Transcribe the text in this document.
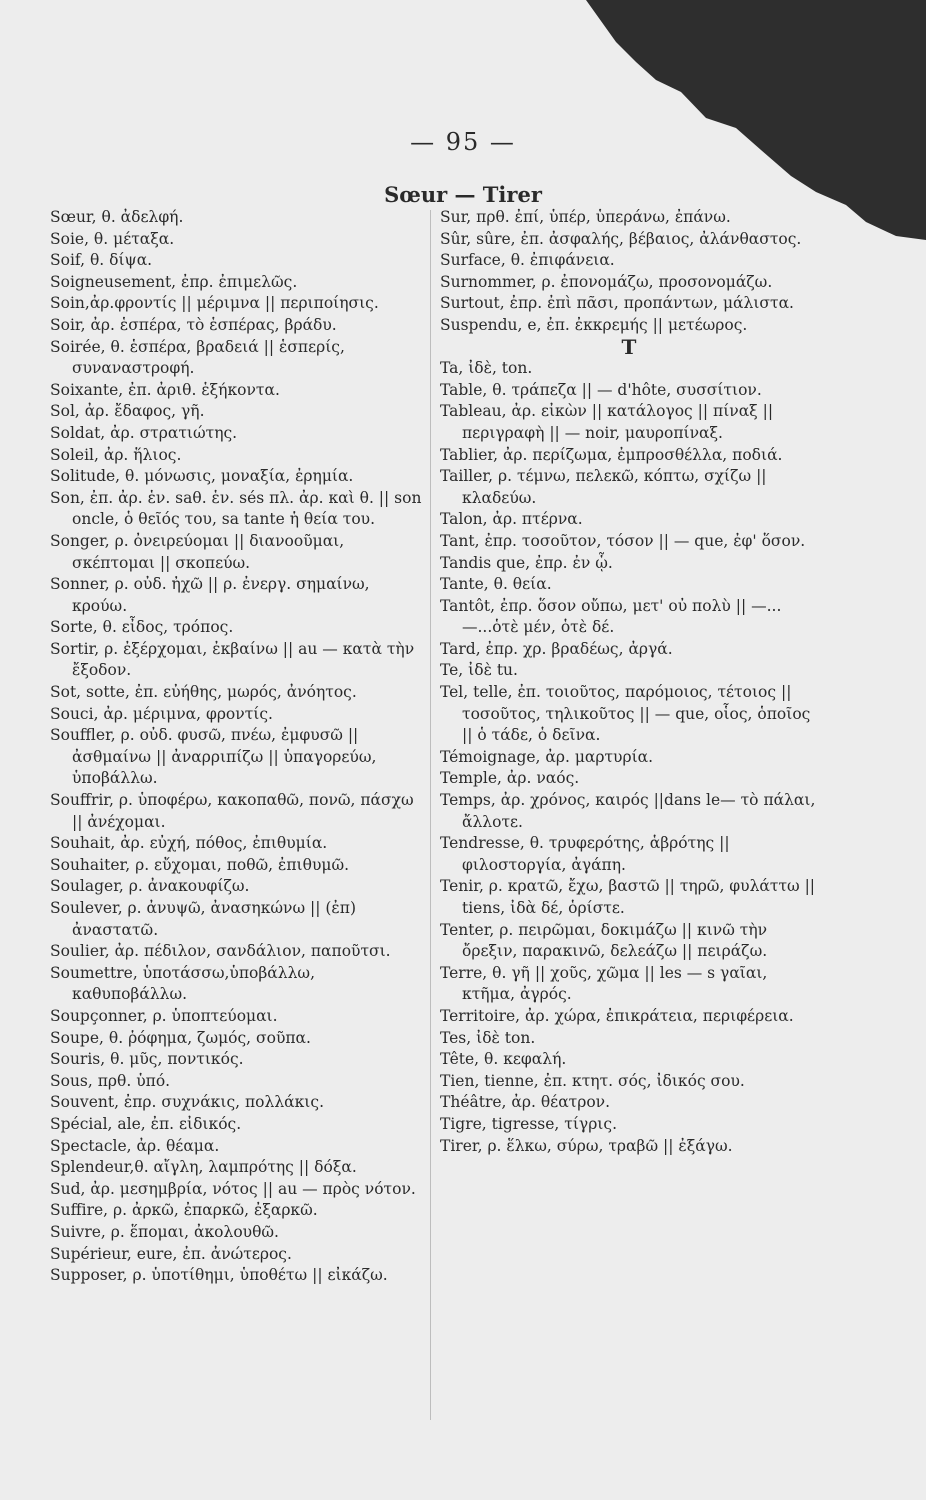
— 95 —
Sœur — Tirer
Sœur, θ. ἀδελφή.
Soie, θ. μέταξα.
Soif, θ. δίψα.
Soigneusement, ἐπρ. ἐπιμελῶς.
Soin,ἀρ.φροντίς || μέριμνα || περιποίησις.
Soir, ἀρ. ἑσπέρα, τὸ ἑσπέρας, βράδυ.
Soirée, θ. ἑσπέρα, βραδειά || ἑσπερίς, συναναστροφή.
Soixante, ἐπ. ἀριθ. ἑξήκοντα.
Sol, ἀρ. ἔδαφος, γῆ.
Soldat, ἀρ. στρατιώτης.
Soleil, ἀρ. ἥλιος.
Solitude, θ. μόνωσις, μοναξία, ἐρημία.
Son, ἐπ. ἀρ. ἑν. saθ. ἑν. sés πλ. ἀρ. καὶ θ. || son oncle, ὁ θεῖός του, sa tante ἡ θεία του.
Songer, ρ. ὀνειρεύομαι || διανοοῦμαι, σκέπτομαι || σκοπεύω.
Sonner, ρ. οὐδ. ἠχῶ || ρ. ἐνεργ. σημαίνω, κρούω.
Sorte, θ. εἶδος, τρόπος.
Sortir, ρ. ἐξέρχομαι, ἐκβαίνω || au — κατὰ τὴν ἔξοδον.
Sot, sotte, ἐπ. εὐήθης, μωρός, ἀνόητος.
Souci, ἀρ. μέριμνα, φροντίς.
Souffler, ρ. οὐδ. φυσῶ, πνέω, ἐμφυσῶ || ἀσθμαίνω || ἀναρριπίζω || ὑπαγορεύω, ὑποβάλλω.
Souffrir, ρ. ὑποφέρω, κακοπαθῶ, πονῶ, πάσχω || ἀνέχομαι.
Souhait, ἀρ. εὐχή, πόθος, ἐπιθυμία.
Souhaiter, ρ. εὔχομαι, ποθῶ, ἐπιθυμῶ.
Soulager, ρ. ἀνακουφίζω.
Soulever, ρ. ἀνυψῶ, ἀνασηκώνω || (ἐπ) ἀναστατῶ.
Soulier, ἀρ. πέδιλον, σανδάλιον, παποῦτσι.
Soumettre, ὑποτάσσω,ὑποβάλλω, καθυποβάλλω.
Soupçonner, ρ. ὑποπτεύομαι.
Soupe, θ. ῥόφημα, ζωμός, σοῦπα.
Souris, θ. μῦς, ποντικός.
Sous, πρθ. ὑπό.
Souvent, ἐπρ. συχνάκις, πολλάκις.
Spécial, ale, ἐπ. εἰδικός.
Spectacle, ἀρ. θέαμα.
Splendeur,θ. αἴγλη, λαμπρότης || δόξα.
Sud, ἀρ. μεσημβρία, νότος || au — πρὸς νότον.
Suffire, ρ. ἀρκῶ, ἐπαρκῶ, ἐξαρκῶ.
Suivre, ρ. ἕπομαι, ἀκολουθῶ.
Supérieur, eure, ἐπ. ἀνώτερος.
Supposer, ρ. ὑποτίθημι, ὑποθέτω || εἰκάζω.
Sur, πρθ. ἐπί, ὑπέρ, ὑπεράνω, ἐπάνω.
Sûr, sûre, ἐπ. ἀσφαλής, βέβαιος, ἀλάνθαστος.
Surface, θ. ἐπιφάνεια.
Surnommer, ρ. ἐπονομάζω, προσονομάζω.
Surtout, ἐπρ. ἐπὶ πᾶσι, προπάντων, μάλιστα.
Suspendu, e, ἐπ. ἐκκρεμής || μετέωρος.
T
Ta, ἰδὲ, ton.
Table, θ. τράπεζα || — d'hôte, συσσίτιον.
Tableau, ἀρ. εἰκὼν || κατάλογος || πίναξ || περιγραφὴ || — noir, μαυροπίναξ.
Tablier, ἀρ. περίζωμα, ἐμπροσθέλλα, ποδιά.
Tailler, ρ. τέμνω, πελεκῶ, κόπτω, σχίζω || κλαδεύω.
Talon, ἀρ. πτέρνα.
Tant, ἐπρ. τοσοῦτον, τόσον || — que, ἐφ' ὅσον.
Tandis que, ἐπρ. ἐν ᾧ.
Tante, θ. θεία.
Tantôt, ἐπρ. ὅσον οὔπω, μετ' οὐ πολὺ || —...—...ὁτὲ μέν, ὁτὲ δέ.
Tard, ἐπρ. χρ. βραδέως, ἀργά.
Te, ἰδὲ tu.
Tel, telle, ἐπ. τοιοῦτος, παρόμοιος, τέτοιος || τοσοῦτος, τηλικοῦτος || — que, οἷος, ὁποῖος || ὁ τάδε, ὁ δεῖνα.
Témoignage, ἀρ. μαρτυρία.
Temple, ἀρ. ναός.
Temps, ἀρ. χρόνος, καιρός ||dans le— τὸ πάλαι, ἄλλοτε.
Tendresse, θ. τρυφερότης, ἁβρότης || φιλοστοργία, ἀγάπη.
Tenir, ρ. κρατῶ, ἔχω, βαστῶ || τηρῶ, φυλάττω || tiens, ἰδὰ δέ, ὁρίστε.
Tenter, ρ. πειρῶμαι, δοκιμάζω || κινῶ τὴν ὄρεξιν, παρακινῶ, δελεάζω || πειράζω.
Terre, θ. γῆ || χοῦς, χῶμα || les — s γαῖαι, κτῆμα, ἀγρός.
Territoire, ἀρ. χώρα, ἐπικράτεια, περιφέρεια.
Tes, ἰδὲ ton.
Tête, θ. κεφαλή.
Tien, tienne, ἐπ. κτητ. σός, ἰδικός σου.
Théâtre, ἀρ. θέατρον.
Tigre, tigresse, τίγρις.
Tirer, ρ. ἕλκω, σύρω, τραβῶ || ἐξάγω.
